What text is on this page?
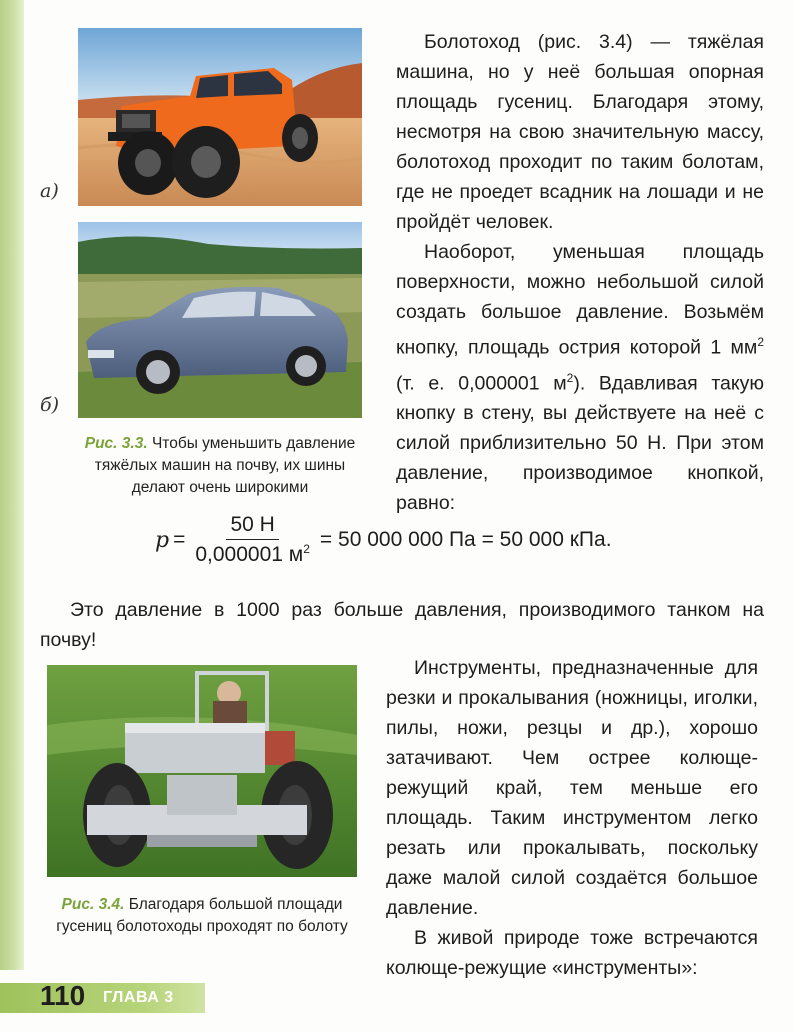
а)
б)
Рис. 3.3. Чтобы уменьшить давление тяжёлых машин на почву, их шины делают очень широкими

Болотоход (рис. 3.4) — тяжёлая машина, но у неё большая опорная площадь гусениц. Благодаря этому, несмотря на свою значительную массу, болотоход проходит по таким болотам, где не проедет всадник на лошади и не пройдёт человек.

Наоборот, уменьшая площадь поверхности, можно небольшой силой создать большое давление. Возьмём кнопку, площадь острия которой 1 $мм^2$ (т. е. 0,000001 $м^2$). Вдавливая такую кнопку в стену, вы действуете на неё с силой приблизительно 50 Н. При этом давление, производимое кнопкой, равно:

$p = \frac{50 Н}{0,000001 м^2} = 50$ 000 000 Па = 50 000 кПа.
Это давление в 1000 раз больше давления, производимого танком на почву!
Рис. 3.4. Благодаря большой площади гусениц болотоходы проходят по болоту

Инструменты, предназначенные для резки и прокалывания (ножницы, иголки, пилы, ножи, резцы и др.), хорошо затачивают. Чем острее колюще-режущий край, тем меньше его площадь. Таким инструментом легко резать или прокалывать, поскольку даже малой силой создаётся большое давление.

В живой природе тоже встречаются колюще-режущие «инструменты»:

110 ГЛАВА 3
